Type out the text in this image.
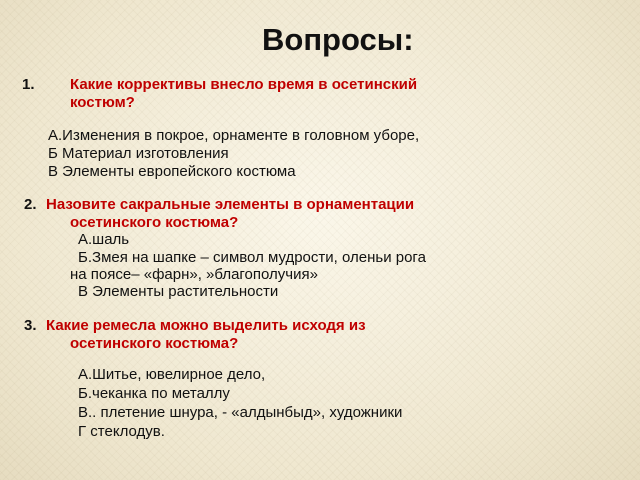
Вопросы:
1. Какие коррективы внесло время в осетинский
костюм?
А.Изменения в покрое, орнаменте в головном уборе,
Б Материал изготовления
В Элементы европейского костюма
2. Назовите сакральные элементы в орнаментации
осетинского костюма?
А.шаль
Б.Змея на шапке – символ мудрости, оленьи рога
на поясе– «фарн», »благополучия»
В Элементы растительности
3. Какие ремесла можно выделить исходя из
осетинского костюма?
А.Шитье, ювелирное дело,
Б.чеканка по металлу
В.. плетение шнура, - «алдынбыд», художники
Г стеклодув.
